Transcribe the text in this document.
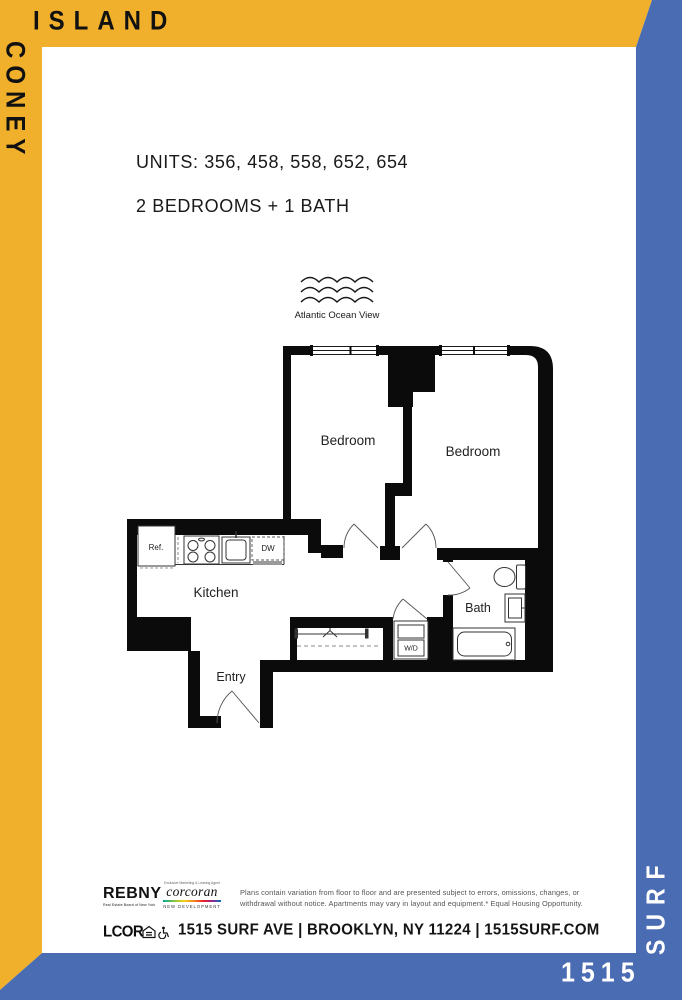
ISLAND
CONEY
SURF
1515
UNITS: 356, 458, 558, 652, 654
2 BEDROOMS + 1 BATH
Atlantic Ocean View
Bedroom
Bedroom
Kitchen
Entry
Bath
W/D
Ref.	DW
REBNY
Real Estate Board of New York
Exclusive Marketing & Leasing Agent
corcoran
NEW DEVELOPMENT
Plans contain variation from floor to floor and are presented subject to errors, omissions, changes, or
withdrawal without notice. Apartments may vary in layout and equipment.* Equal Housing Opportunity.
LCOR 1515 SURF AVE | BROOKLYN, NY 11224 | 1515SURF.COM
